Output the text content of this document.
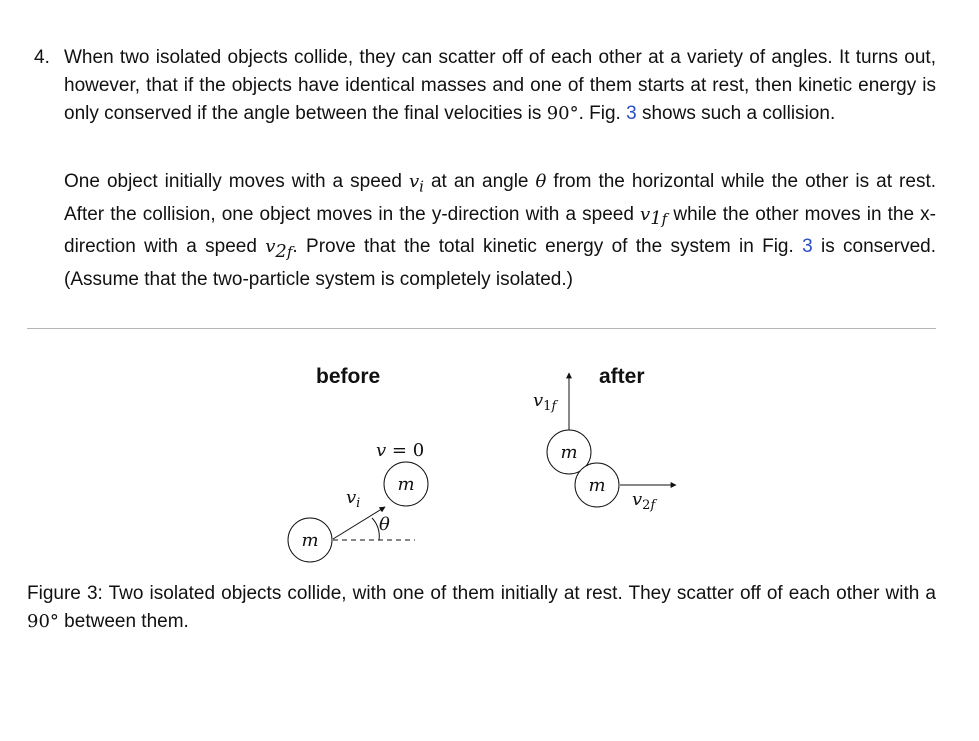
4. When two isolated objects collide, they can scatter off of each other at a variety of angles. It turns out, however, that if the objects have identical masses and one of them starts at rest, then kinetic energy is only conserved if the angle between the final velocities is 90°. Fig. 3 shows such a collision.

One object initially moves with a speed $v_i$ at an angle θ from the horizontal while the other is at rest. After the collision, one object moves in the y-direction with a speed $v_{1f}$ while the other moves in the x-direction with a speed $v_{2f}$. Prove that the total kinetic energy of the system in Fig. 3 is conserved. (Assume that the two-particle system is completely isolated.)

before
v = 0
m
m
$v_i$
θ
after
$v_1f$
m
m
$v_2f$

Figure 3: Two isolated objects collide, with one of them initially at rest. They scatter off of each other with a 90° between them.
